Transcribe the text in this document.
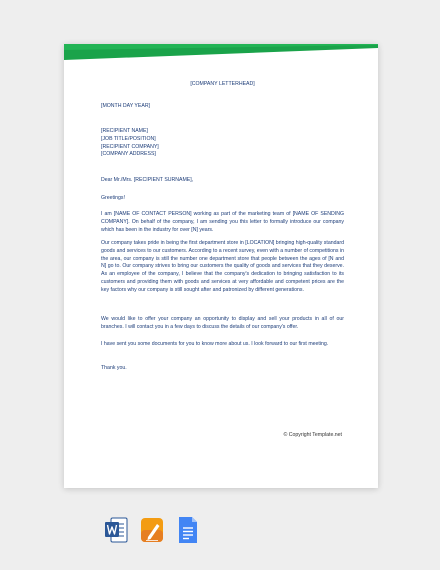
[COMPANY LETTERHEAD]
[MONTH DAY YEAR]
[RECIPIENT NAME]
[JOB TITLE/POSITION]
[RECIPIENT COMPANY]
[COMPANY ADDRESS]
Dear Mr./Mrs. [RECIPIENT SURNAME],
Greetings!
I am [NAME OF CONTACT PERSON] working as part of the marketing team of [NAME OF SENDING COMPANY]. On behalf of the company, I am sending you this letter to formally introduce our company which has been in the industry for over [N] years.
Our company takes pride in being the first department store in [LOCATION] bringing high-quality standard goods and services to our customers. According to a recent survey, even with a number of competitions in the area, our company is still the number one department store that people between the ages of [N and N] go to. Our company strives to bring our customers the quality of goods and services that they deserve. As an employee of the company, I believe that the company's dedication to bringing satisfaction to its customers and providing them with goods and services at very affordable and competent prices are the key factors why our company is still sought after and patronized by different generations.
We would like to offer your company an opportunity to display and sell your products in all of our branches. I will contact you in a few days to discuss the details of our company's offer.
I have sent you some documents for you to know more about us. I look forward to our first meeting.
Thank you.
© Copyright Template.net
